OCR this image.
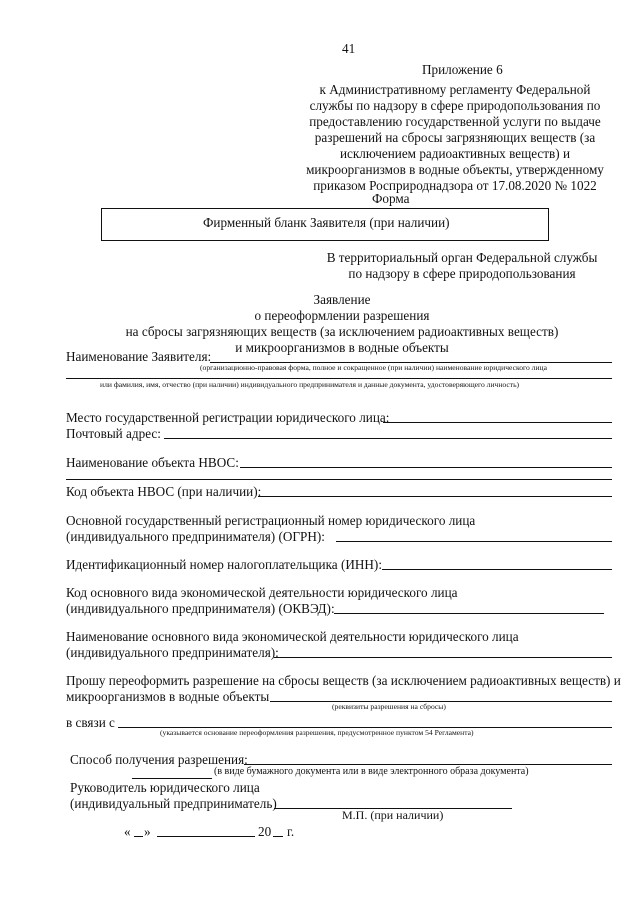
41
Приложение 6
к Административному регламенту Федеральной
службы по надзору в сфере природопользования по
предоставлению государственной услуги по выдаче
разрешений на сбросы загрязняющих веществ (за
исключением радиоактивных веществ) и
микроорганизмов в водные объекты, утвержденному
приказом Росприроднадзора от 17.08.2020 № 1022
Форма
Фирменный бланк Заявителя (при наличии)
В территориальный орган Федеральной службы
по надзору в сфере природопользования
Заявление
о переоформлении разрешения
на сбросы загрязняющих веществ (за исключением радиоактивных веществ)
и микроорганизмов в водные объекты
Наименование Заявителя:
(организационно-правовая форма, полное и сокращенное (при наличии) наименование юридического лица
или фамилия, имя, отчество (при наличии) индивидуального предпринимателя и данные документа, удостоверяющего личность)
Место государственной регистрации юридического лица:
Почтовый адрес:
Наименование объекта НВОС:
Код объекта НВОС (при наличии):
Основной государственный регистрационный номер юридического лица
(индивидуального предпринимателя) (ОГРН):
Идентификационный номер налогоплательщика (ИНН):
Код основного вида экономической деятельности юридического лица
(индивидуального предпринимателя) (ОКВЭД):
Наименование основного вида экономической деятельности юридического лица
(индивидуального предпринимателя):
Прошу переоформить разрешение на сбросы веществ (за исключением радиоактивных веществ) и
микроорганизмов в водные объекты
(реквизиты разрешения на сбросы)
в связи с
(указывается основание переоформления разрешения, предусмотренное пунктом 54 Регламента)
Способ получения разрешения:
(в виде бумажного документа или в виде электронного образа документа)
Руководитель юридического лица
(индивидуальный предприниматель)
М.П. (при наличии)
« »	20 г.
